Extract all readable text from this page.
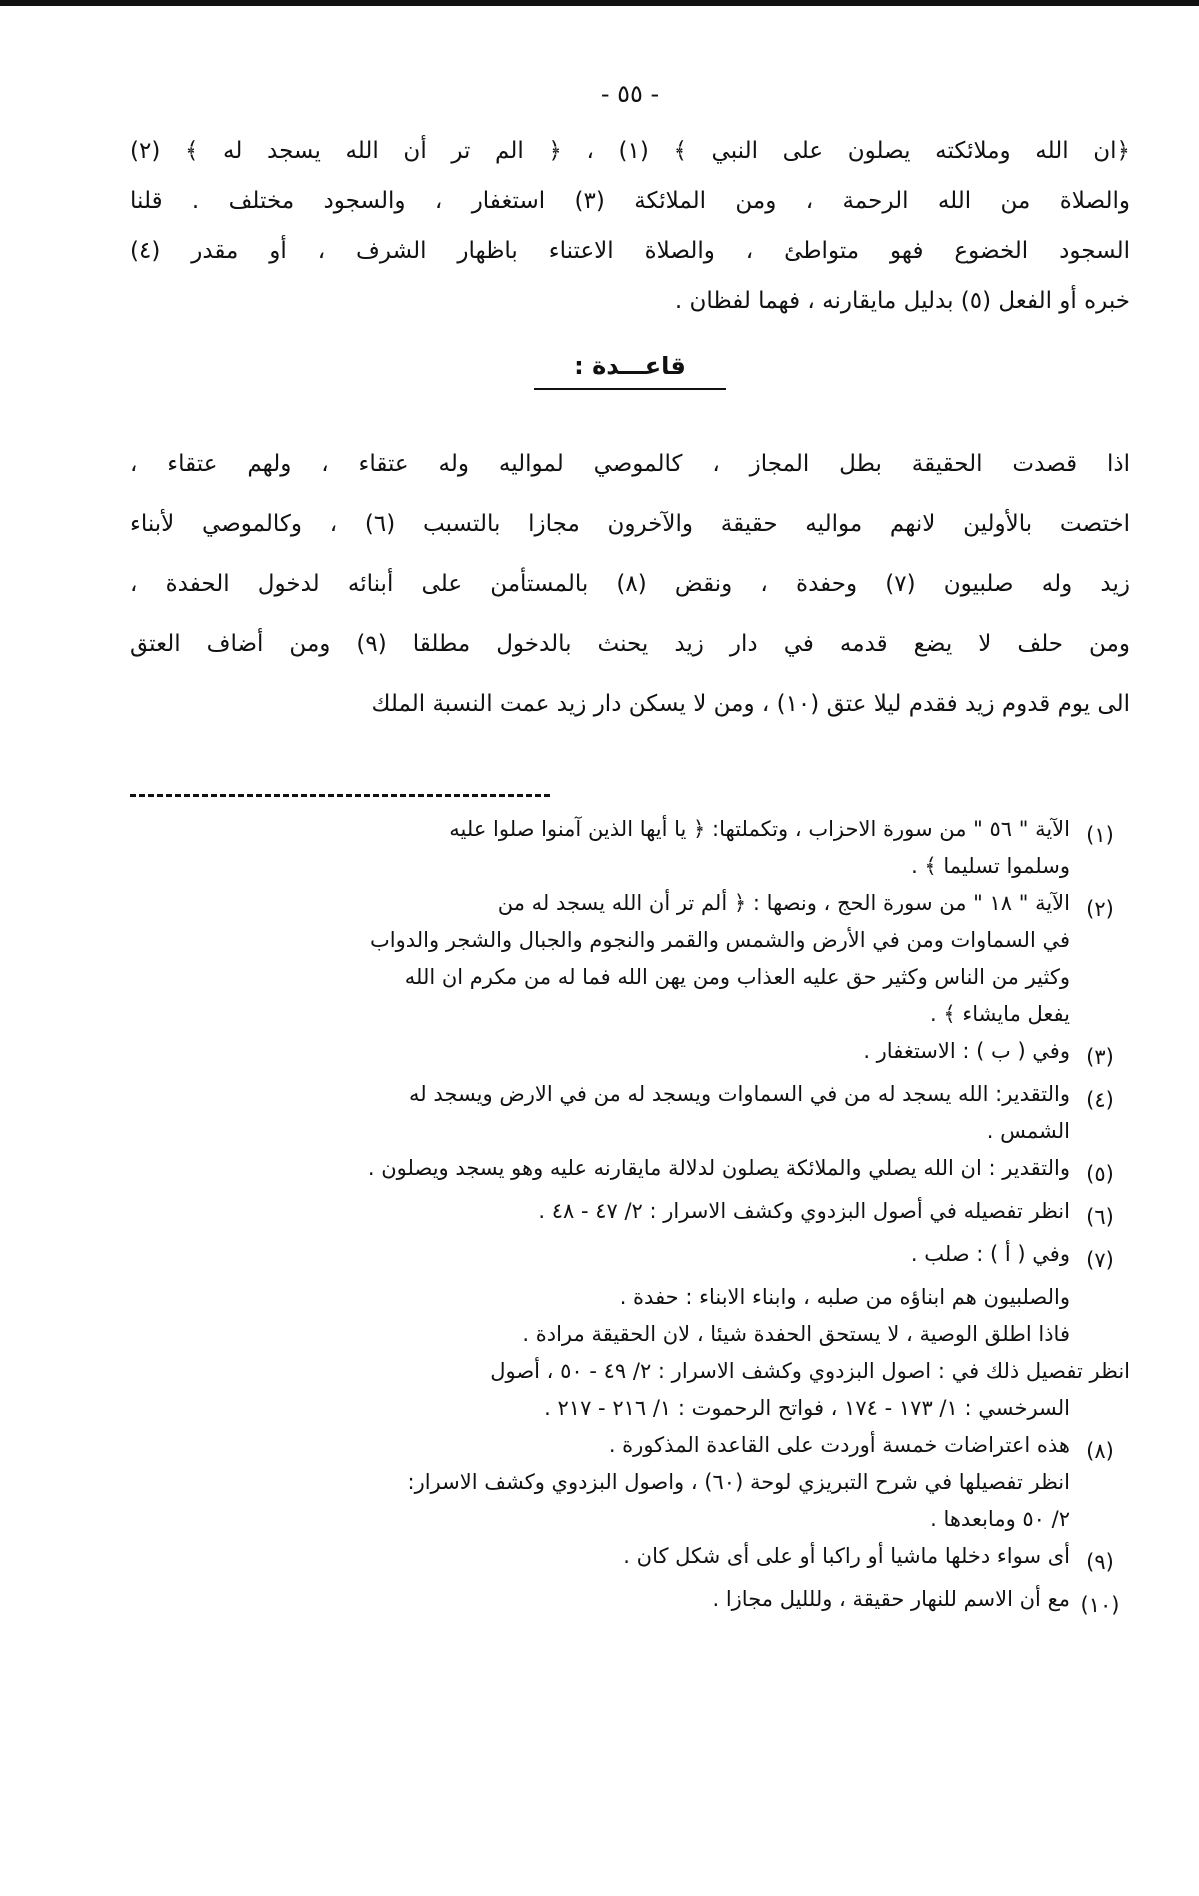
- ٥٥ -
﴿ان الله وملائكته يصلون على النبي ﴾ (١) ، ﴿ الم تر أن الله يسجد له ﴾ (٢)
والصلاة من الله الرحمة ، ومن الملائكة (٣) استغفار ، والسجود مختلف . قلنا
السجود الخضوع فهو متواطئ ، والصلاة الاعتناء باظهار الشرف ، أو مقدر (٤)
خبره أو الفعل (٥) بدليل مايقارنه ، فهما لفظان .
قاعـــدة :
اذا قصدت الحقيقة بطل المجاز ، كالموصي لمواليه وله عتقاء ، ولهم عتقاء ،
اختصت بالأولين لانهم مواليه حقيقة والآخرون مجازا بالتسبب (٦) ، وكالموصي لأبناء
زيد وله صلبيون (٧) وحفدة ، ونقض (٨) بالمستأمن على أبنائه لدخول الحفدة ،
ومن حلف لا يضع قدمه في دار زيد يحنث بالدخول مطلقا (٩) ومن أضاف العتق
الى يوم قدوم زيد فقدم ليلا عتق (١٠) ، ومن لا يسكن دار زيد عمت النسبة الملك
(١)
الآية " ٥٦ " من سورة الاحزاب ، وتكملتها: ﴿ يا أيها الذين آمنوا صلوا عليه
وسلموا تسليما ﴾ .
(٢)
الآية " ١٨ " من سورة الحج ، ونصها : ﴿ ألم تر أن الله يسجد له من
في السماوات ومن في الأرض والشمس والقمر والنجوم والجبال والشجر والدواب
وكثير من الناس وكثير حق عليه العذاب ومن يهن الله فما له من مكرم ان الله
يفعل مايشاء ﴾ .
(٣)
وفي ( ب ) : الاستغفار .
(٤)
والتقدير: الله يسجد له من في السماوات ويسجد له من في الارض ويسجد له
الشمس .
(٥)
والتقدير : ان الله يصلي والملائكة يصلون لدلالة مايقارنه عليه وهو يسجد ويصلون .
(٦)
انظر تفصيله في أصول البزدوي وكشف الاسرار : ٢/ ٤٧ - ٤٨ .
(٧)
وفي ( أ ) : صلب .
والصلبيون هم ابناؤه من صلبه ، وابناء الابناء : حفدة .
فاذا اطلق الوصية ، لا يستحق الحفدة شيئا ، لان الحقيقة مرادة .
انظر تفصيل ذلك في : اصول البزدوي وكشف الاسرار : ٢/ ٤٩ - ٥٠ ، أصول
السرخسي : ١/ ١٧٣ - ١٧٤ ، فواتح الرحموت : ١/ ٢١٦ - ٢١٧ .
(٨)
هذه اعتراضات خمسة أوردت على القاعدة المذكورة .
انظر تفصيلها في شرح التبريزي لوحة (٦٠) ، واصول البزدوي وكشف الاسرار:
٢/ ٥٠ ومابعدها .
(٩)
أى سواء دخلها ماشيا أو راكبا أو على أى شكل كان .
(١٠)
مع أن الاسم للنهار حقيقة ، وللليل مجازا .
